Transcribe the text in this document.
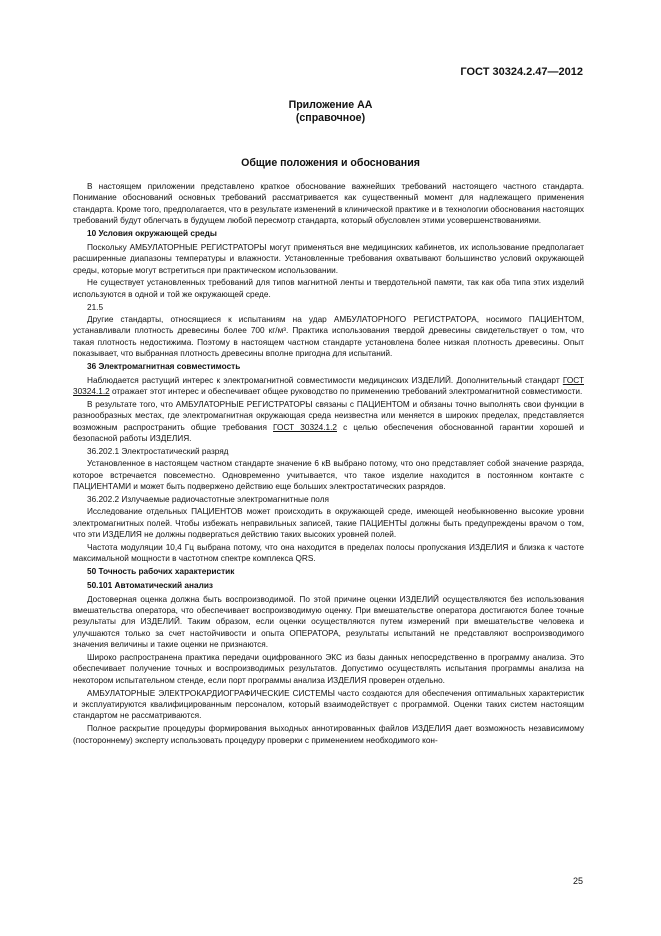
ГОСТ 30324.2.47—2012
Приложение АА
(справочное)
Общие положения и обоснования

В настоящем приложении представлено краткое обоснование важнейших требований настоящего частного стандарта. Понимание обоснований основных требований рассматривается как существенный момент для надлежащего применения стандарта. Кроме того, предполагается, что в результате изменений в клинической практике и в технологии обоснования настоящих требований будут облегчать в будущем любой пересмотр стандарта, который обусловлен этими усовершенствованиями.

10 Условия окружающей среды

Поскольку АМБУЛАТОРНЫЕ РЕГИСТРАТОРЫ могут применяться вне медицинских кабинетов, их использование предполагает расширенные диапазоны температуры и влажности. Установленные требования охватывают большинство условий окружающей среды, которые могут встретиться при практическом использовании.

Не существует установленных требований для типов магнитной ленты и твердотельной памяти, так как оба типа этих изделий используются в одной и той же окружающей среде.

21.5

Другие стандарты, относящиеся к испытаниям на удар АМБУЛАТОРНОГО РЕГИСТРАТОРА, носимого ПАЦИЕНТОМ, устанавливали плотность древесины более 700 кг/м³. Практика использования твердой древесины свидетельствует о том, что такая плотность недостижима. Поэтому в настоящем частном стандарте установлена более низкая плотность древесины. Опыт показывает, что выбранная плотность древесины вполне пригодна для испытаний.

36 Электромагнитная совместимость

Наблюдается растущий интерес к электромагнитной совместимости медицинских ИЗДЕЛИЙ. Дополнительный стандарт ГОСТ 30324.1.2 отражает этот интерес и обеспечивает общее руководство по применению требований электромагнитной совместимости.

В результате того, что АМБУЛАТОРНЫЕ РЕГИСТРАТОРЫ связаны с ПАЦИЕНТОМ и обязаны точно выполнять свои функции в разнообразных местах, где электромагнитная окружающая среда неизвестна или меняется в широких пределах, представляется возможным распространить общие требования ГОСТ 30324.1.2 с целью обеспечения обоснованной гарантии хорошей и безопасной работы ИЗДЕЛИЯ.

36.202.1 Электростатический разряд

Установленное в настоящем частном стандарте значение 6 кВ выбрано потому, что оно представляет собой значение разряда, которое встречается повсеместно. Одновременно учитывается, что такое изделие находится в постоянном контакте с ПАЦИЕНТАМИ и может быть подвержено действию еще больших электростатических разрядов.

36.202.2 Излучаемые радиочастотные электромагнитные поля

Исследование отдельных ПАЦИЕНТОВ может происходить в окружающей среде, имеющей необыкновенно высокие уровни электромагнитных полей. Чтобы избежать неправильных записей, такие ПАЦИЕНТЫ должны быть предупреждены врачом о том, что эти ИЗДЕЛИЯ не должны подвергаться действию таких высоких уровней полей.

Частота модуляции 10,4 Гц выбрана потому, что она находится в пределах полосы пропускания ИЗДЕЛИЯ и близка к частоте максимальной мощности в частотном спектре комплекса QRS.

50 Точность рабочих характеристик

50.101 Автоматический анализ

Достоверная оценка должна быть воспроизводимой. По этой причине оценки ИЗДЕЛИЙ осуществляются без использования вмешательства оператора, что обеспечивает воспроизводимую оценку. При вмешательстве оператора достигаются более точные результаты для ИЗДЕЛИЙ. Таким образом, если оценки осуществляются путем измерений при вмешательстве человека и улучшаются только за счет настойчивости и опыта ОПЕРАТОРА, результаты испытаний не представляют воспроизводимого значения величины и такие оценки не признаются.

Широко распространена практика передачи оцифрованного ЭКС из базы данных непосредственно в программу анализа. Это обеспечивает получение точных и воспроизводимых результатов. Допустимо осуществлять испытания программы анализа на некотором испытательном стенде, если порт программы анализа ИЗДЕЛИЯ проверен отдельно.

АМБУЛАТОРНЫЕ ЭЛЕКТРОКАРДИОГРАФИЧЕСКИЕ СИСТЕМЫ часто создаются для обеспечения оптимальных характеристик и эксплуатируются квалифицированным персоналом, который взаимодействует с программой. Оценки таких систем настоящим стандартом не рассматриваются.

Полное раскрытие процедуры формирования выходных аннотированных файлов ИЗДЕЛИЯ дает возможность независимому (постороннему) эксперту использовать процедуру проверки с применением необходимого кон-

25
